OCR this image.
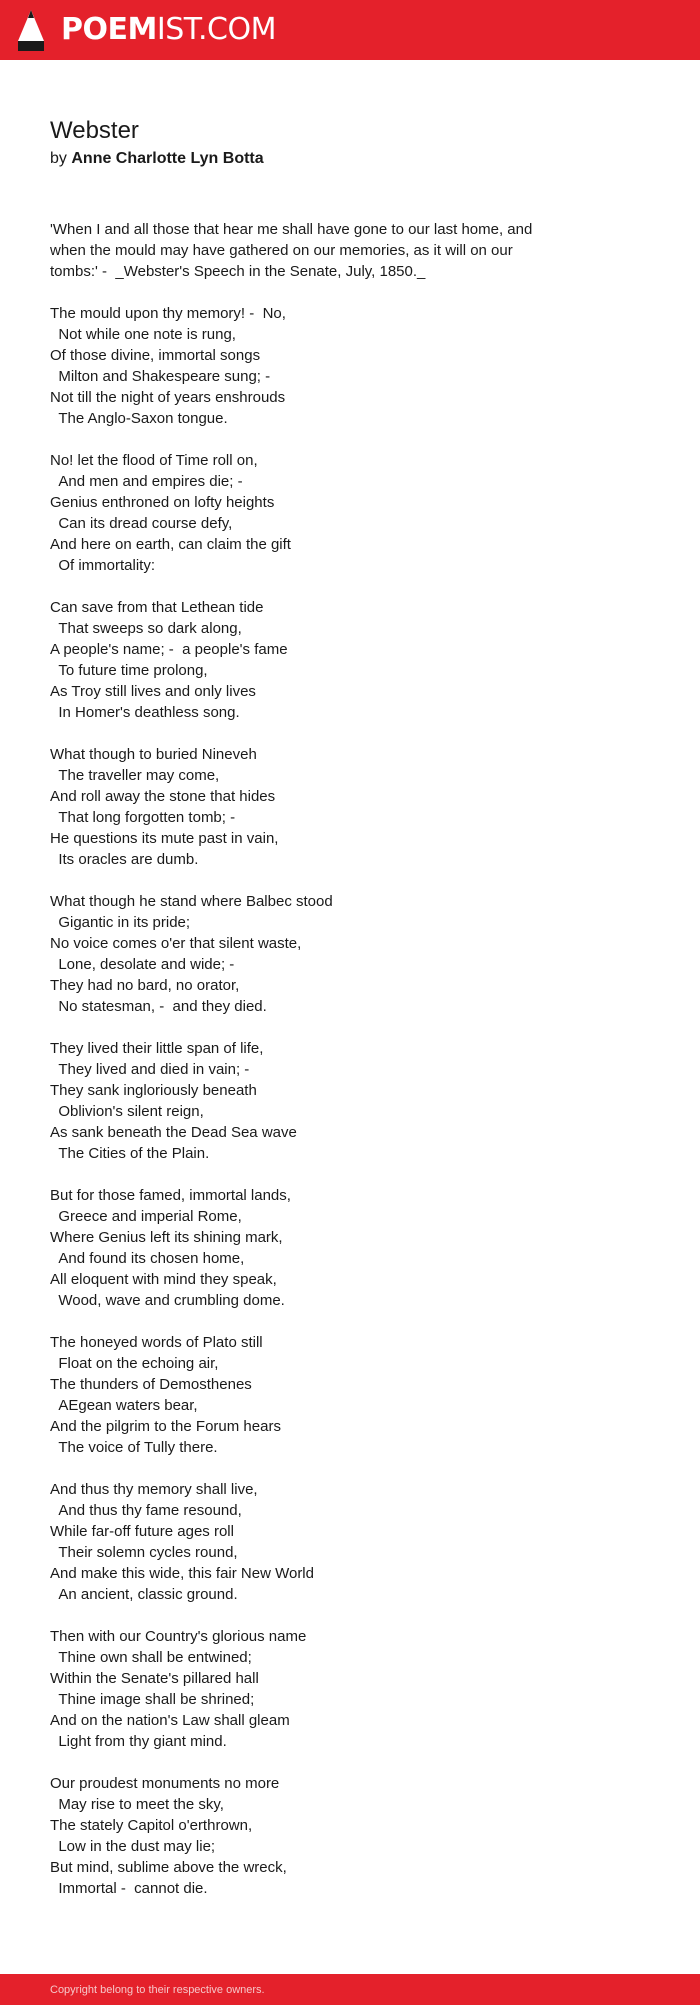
POEMIST.COM
Webster
by Anne Charlotte Lyn Botta
'When I and all those that hear me shall have gone to our last home, and
when the mould may have gathered on our memories, as it will on our
tombs:' -  _Webster's Speech in the Senate, July, 1850._

The mould upon thy memory! -  No,
Not while one note is rung,
Of those divine, immortal songs
Milton and Shakespeare sung; -
Not till the night of years enshrouds
The Anglo-Saxon tongue.

No! let the flood of Time roll on,
And men and empires die; -
Genius enthroned on lofty heights
Can its dread course defy,
And here on earth, can claim the gift
Of immortality:

Can save from that Lethean tide
That sweeps so dark along,
A people's name; -  a people's fame
To future time prolong,
As Troy still lives and only lives
In Homer's deathless song.

What though to buried Nineveh
The traveller may come,
And roll away the stone that hides
That long forgotten tomb; -
He questions its mute past in vain,
Its oracles are dumb.

What though he stand where Balbec stood
Gigantic in its pride;
No voice comes o'er that silent waste,
Lone, desolate and wide; -
They had no bard, no orator,
No statesman, -  and they died.

They lived their little span of life,
They lived and died in vain; -
They sank ingloriously beneath
Oblivion's silent reign,
As sank beneath the Dead Sea wave
The Cities of the Plain.

But for those famed, immortal lands,
Greece and imperial Rome,
Where Genius left its shining mark,
And found its chosen home,
All eloquent with mind they speak,
Wood, wave and crumbling dome.

The honeyed words of Plato still
Float on the echoing air,
The thunders of Demosthenes
AEgean waters bear,
And the pilgrim to the Forum hears
The voice of Tully there.

And thus thy memory shall live,
And thus thy fame resound,
While far-off future ages roll
Their solemn cycles round,
And make this wide, this fair New World
An ancient, classic ground.

Then with our Country's glorious name
Thine own shall be entwined;
Within the Senate's pillared hall
Thine image shall be shrined;
And on the nation's Law shall gleam
Light from thy giant mind.

Our proudest monuments no more
May rise to meet the sky,
The stately Capitol o'erthrown,
Low in the dust may lie;
But mind, sublime above the wreck,
Immortal -  cannot die.
Copyright belong to their respective owners.
